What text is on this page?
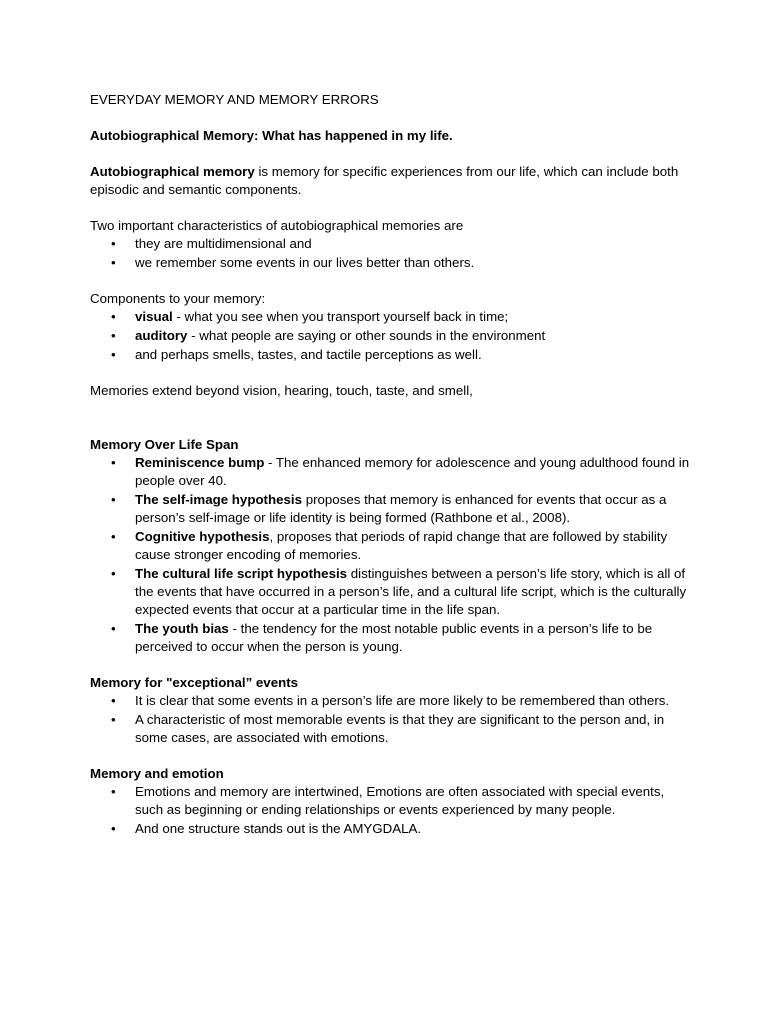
EVERYDAY MEMORY AND MEMORY ERRORS

Autobiographical Memory: What has happened in my life.

Autobiographical memory is memory for specific experiences from our life, which can include both episodic and semantic components.

Two important characteristics of autobiographical memories are

• they are multidimensional and
• we remember some events in our lives better than others.

Components to your memory:

• visual - what you see when you transport yourself back in time;
• auditory - what people are saying or other sounds in the environment
• and perhaps smells, tastes, and tactile perceptions as well.

Memories extend beyond vision, hearing, touch, taste, and smell,

Memory Over Life Span

• Reminiscence bump - The enhanced memory for adolescence and young adulthood found in people over 40.
• The self-image hypothesis proposes that memory is enhanced for events that occur as a person’s self-image or life identity is being formed (Rathbone et al., 2008).
• Cognitive hypothesis, proposes that periods of rapid change that are followed by stability cause stronger encoding of memories.
• The cultural life script hypothesis distinguishes between a person’s life story, which is all of the events that have occurred in a person’s life, and a cultural life script, which is the culturally expected events that occur at a particular time in the life span.
• The youth bias - the tendency for the most notable public events in a person’s life to be perceived to occur when the person is young.

Memory for "exceptional” events

• It is clear that some events in a person’s life are more likely to be remembered than others.
• A characteristic of most memorable events is that they are significant to the person and, in some cases, are associated with emotions.

Memory and emotion

• Emotions and memory are intertwined, Emotions are often associated with special events, such as beginning or ending relationships or events experienced by many people.
• And one structure stands out is the AMYGDALA.
